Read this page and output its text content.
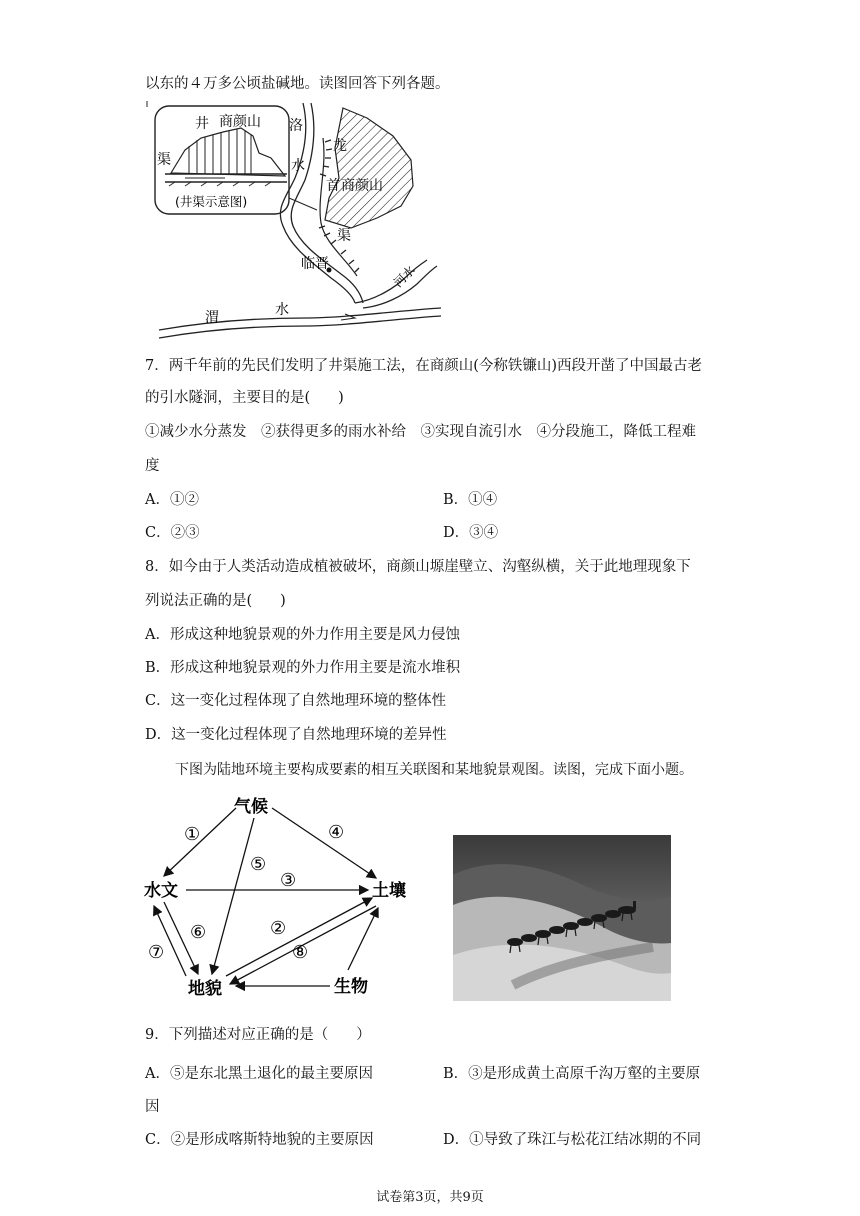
以东的４万多公顷盐碱地。读图回答下列各题。
井 商颜山
渠
(井渠示意图)
洛
水
龙
首 商颜山
渠
临晋	河水
渭	水
7．两千年前的先民们发明了井渠施工法，在商颜山(今称铁镰山)西段开凿了中国最古老
的引水隧洞，主要目的是( )
①减少水分蒸发　②获得更多的雨水补给　③实现自流引水　④分段施工，降低工程难
度
A．①②	B．①④
C．②③	D．③④
8．如今由于人类活动造成植被破坏，商颜山塬崖壁立、沟壑纵横，关于此地理现象下
列说法正确的是( )
A．形成这种地貌景观的外力作用主要是风力侵蚀
B．形成这种地貌景观的外力作用主要是流水堆积
C．这一变化过程体现了自然地理环境的整体性
D．这一变化过程体现了自然地理环境的差异性
下图为陆地环境主要构成要素的相互关联图和某地貌景观图。读图，完成下面小题。
气候
水文	土壤
地貌	生物
①
②
③
④
⑤
⑥
⑦	⑧
9．下列描述对应正确的是（ ）
A．⑤是东北黑土退化的最主要原因	B．③是形成黄土高原千沟万壑的主要原
因
C．②是形成喀斯特地貌的主要原因	D．①导致了珠江与松花江结冰期的不同
试卷第3页，共9页
